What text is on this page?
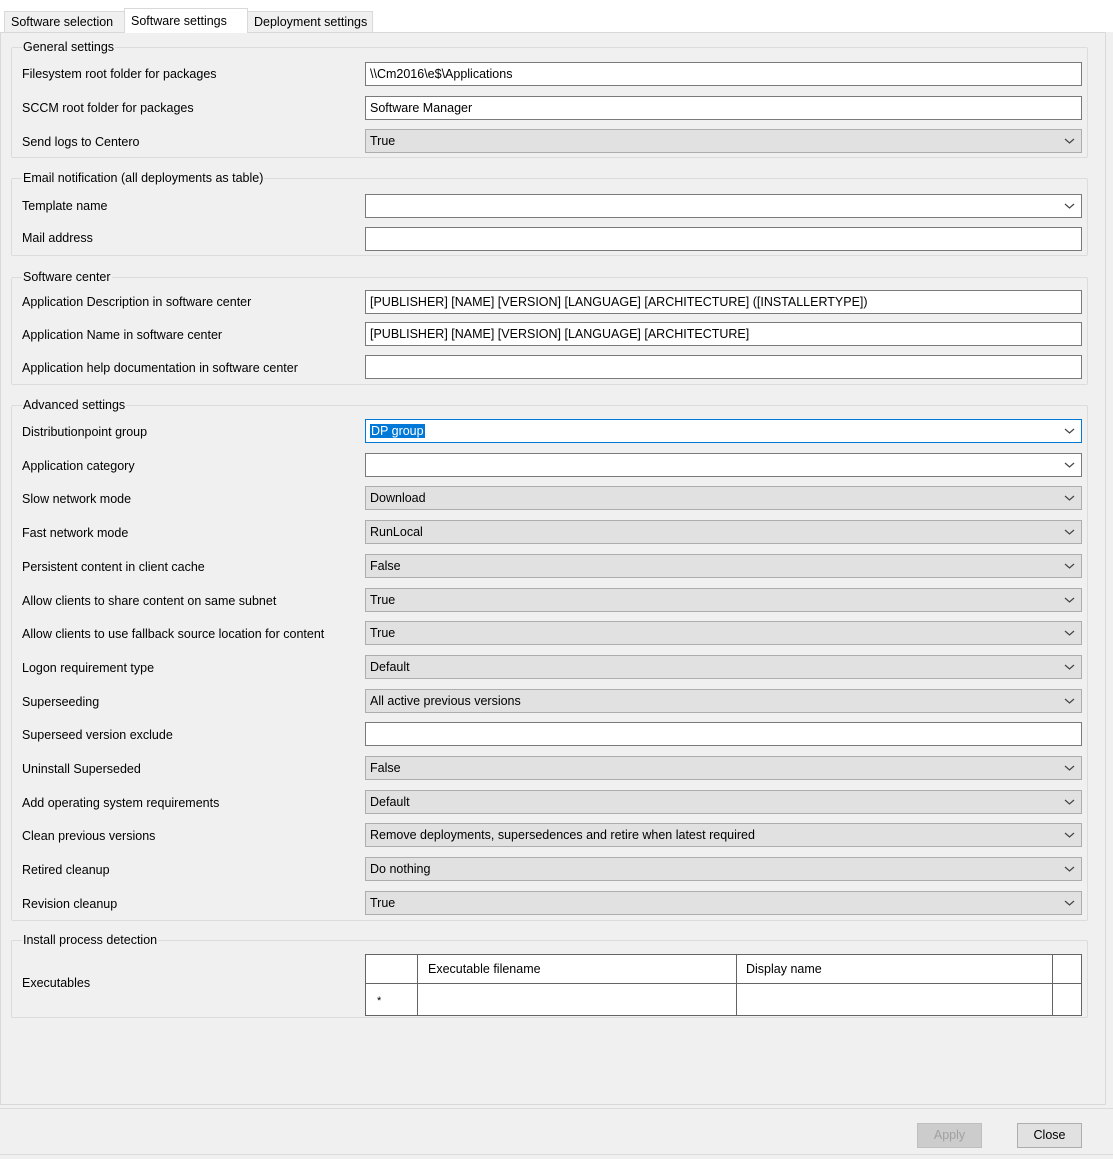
Software selection	Software settings	Deployment settings
General settings
Filesystem root folder for packages	\\Cm2016\e$\Applications
SCCM root folder for packages	Software Manager
Send logs to Centero	True
Email notification (all deployments as table)
Template name
Mail address
Software center
Application Description in software center	[PUBLISHER] [NAME] [VERSION] [LANGUAGE] [ARCHITECTURE] ([INSTALLERTYPE])
Application Name in software center	[PUBLISHER] [NAME] [VERSION] [LANGUAGE] [ARCHITECTURE]
Application help documentation in software center
Advanced settings
Distributionpoint group	DP group
Application category
Slow network mode	Download
Fast network mode	RunLocal
Persistent content in client cache	False
Allow clients to share content on same subnet	True
Allow clients to use fallback source location for content	True
Logon requirement type	Default
Superseeding	All active previous versions
Superseed version exclude
Uninstall Superseded	False
Add operating system requirements	Default
Clean previous versions	Remove deployments, supersedences and retire when latest required
Retired cleanup	Do nothing
Revision cleanup	True
Install process detection
Executables
Executable filename	Display name
*
Apply	Close
